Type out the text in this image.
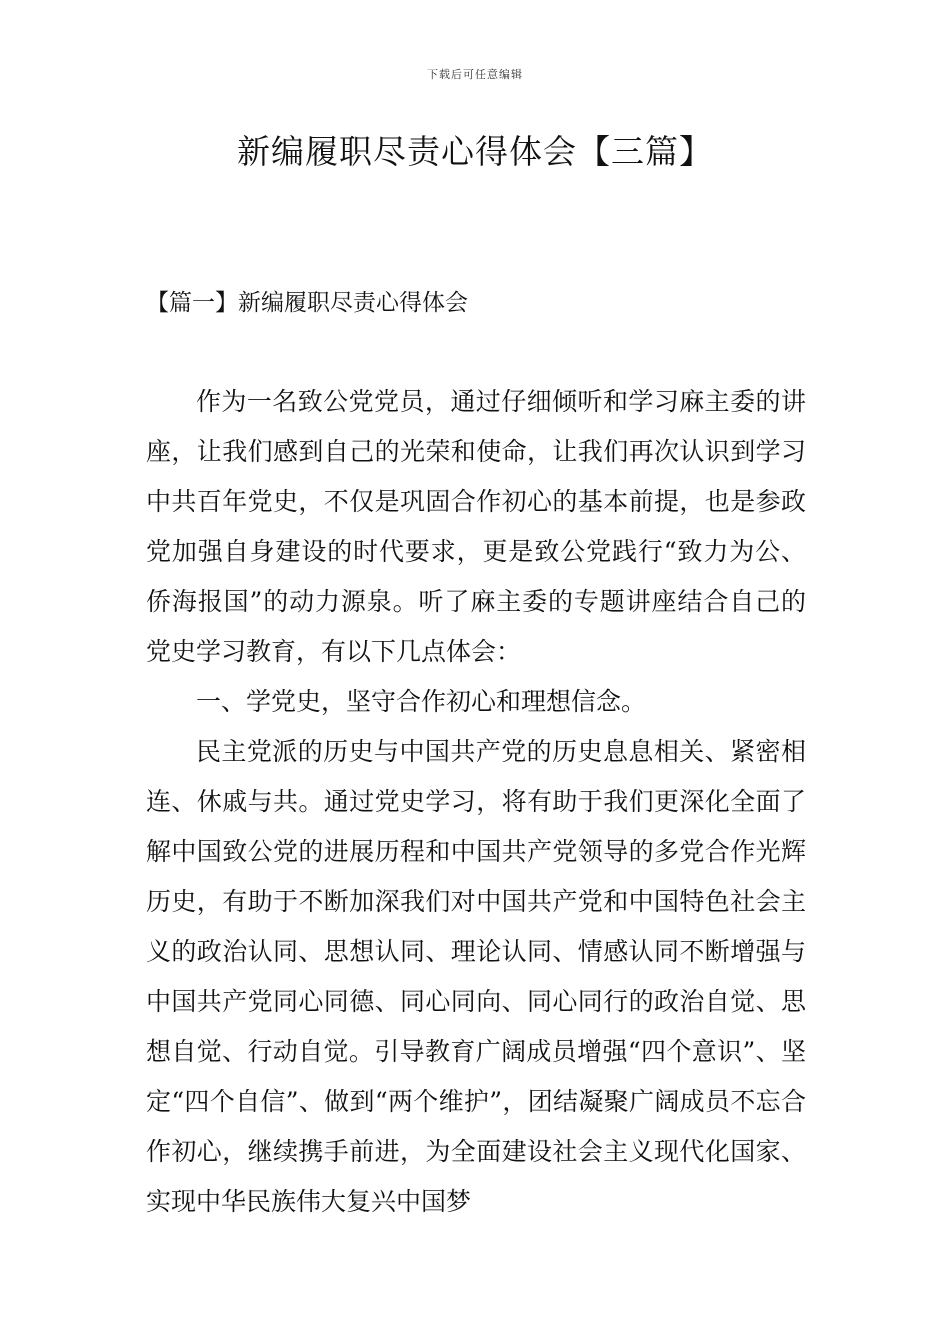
下载后可任意编辑
新编履职尽责心得体会【三篇】
【篇一】新编履职尽责心得体会

作为一名致公党党员，通过仔细倾听和学习麻主委的讲座，让我们感到自己的光荣和使命，让我们再次认识到学习中共百年党史，不仅是巩固合作初心的基本前提，也是参政党加强自身建设的时代要求，更是致公党践行“致力为公、侨海报国”的动力源泉。听了麻主委的专题讲座结合自己的党史学习教育，有以下几点体会：

一、学党史，坚守合作初心和理想信念。

民主党派的历史与中国共产党的历史息息相关、紧密相连、休戚与共。通过党史学习，将有助于我们更深化全面了解中国致公党的进展历程和中国共产党领导的多党合作光辉历史，有助于不断加深我们对中国共产党和中国特色社会主义的政治认同、思想认同、理论认同、情感认同不断增强与中国共产党同心同德、同心同向、同心同行的政治自觉、思想自觉、行动自觉。引导教育广阔成员增强“四个意识”、坚定“四个自信”、做到“两个维护”，团结凝聚广阔成员不忘合作初心，继续携手前进，为全面建设社会主义现代化国家、实现中华民族伟大复兴中国梦
